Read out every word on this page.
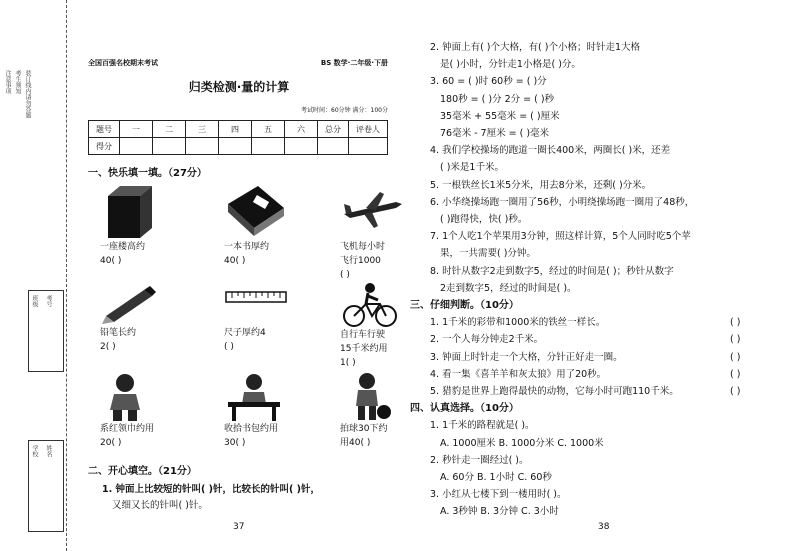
注意事项 考生须知 装订线内请勿答题
班级 考号
学校 姓名
全国百强名校期末考试	BS 数学·二年级·下册
归类检测·量的计算
考试时间：60分钟 满分：100分
题号	一	二	三	四	五	六	总分	评卷人
得分								
一、快乐填一填。（27分）
一座楼高约
40( )
一本书厚约
40( )
飞机每小时
飞行1000
( )
铅笔长约
2( )
尺子厚约4
( )
自行车行驶
15千米约用
1( )
系红领巾约用
20( )
收拾书包约用
30( )
拍球30下约
用40( )
二、开心填空。（21分）
1. 钟面上比较短的针叫( )针，比较长的针叫( )针，
又细又长的针叫( )针。
37
2. 钟面上有( )个大格，有( )个小格；时针走1大格
是( )小时，分针走1小格是( )分。
3. 60 = ( )时 60秒 = ( )分
180秒 = ( )分 2分 = ( )秒
35毫米 + 55毫米 = ( )厘米
76毫米 - 7厘米 = ( )毫米
4. 我们学校操场的跑道一圈长400米，两圈长( )米，还差
( )米是1千米。
5. 一根铁丝长1米5分米，用去8分米，还剩( )分米。
6. 小华绕操场跑一圈用了56秒，小明绕操场跑一圈用了48秒，
( )跑得快，快( )秒。
7. 1个人吃1个苹果用3分钟，照这样计算，5个人同时吃5个苹
果，一共需要( )分钟。
8. 时针从数字2走到数字5，经过的时间是( )；秒针从数字
2走到数字5，经过的时间是( )。
三、仔细判断。（10分）
1. 1千米的彩带和1000米的铁丝一样长。	( )
2. 一个人每分钟走2千米。	( )
3. 钟面上时针走一个大格，分针正好走一圈。	( )
4. 看一集《喜羊羊和灰太狼》用了20秒。	( )
5. 猎豹是世界上跑得最快的动物，它每小时可跑110千米。	( )
四、认真选择。（10分）
1. 1千米的路程就是( )。
A. 1000厘米 B. 1000分米 C. 1000米
2. 秒针走一圈经过( )。
A. 60分 B. 1小时 C. 60秒
3. 小红从七楼下到一楼用时( )。
A. 3秒钟 B. 3分钟 C. 3小时
38
